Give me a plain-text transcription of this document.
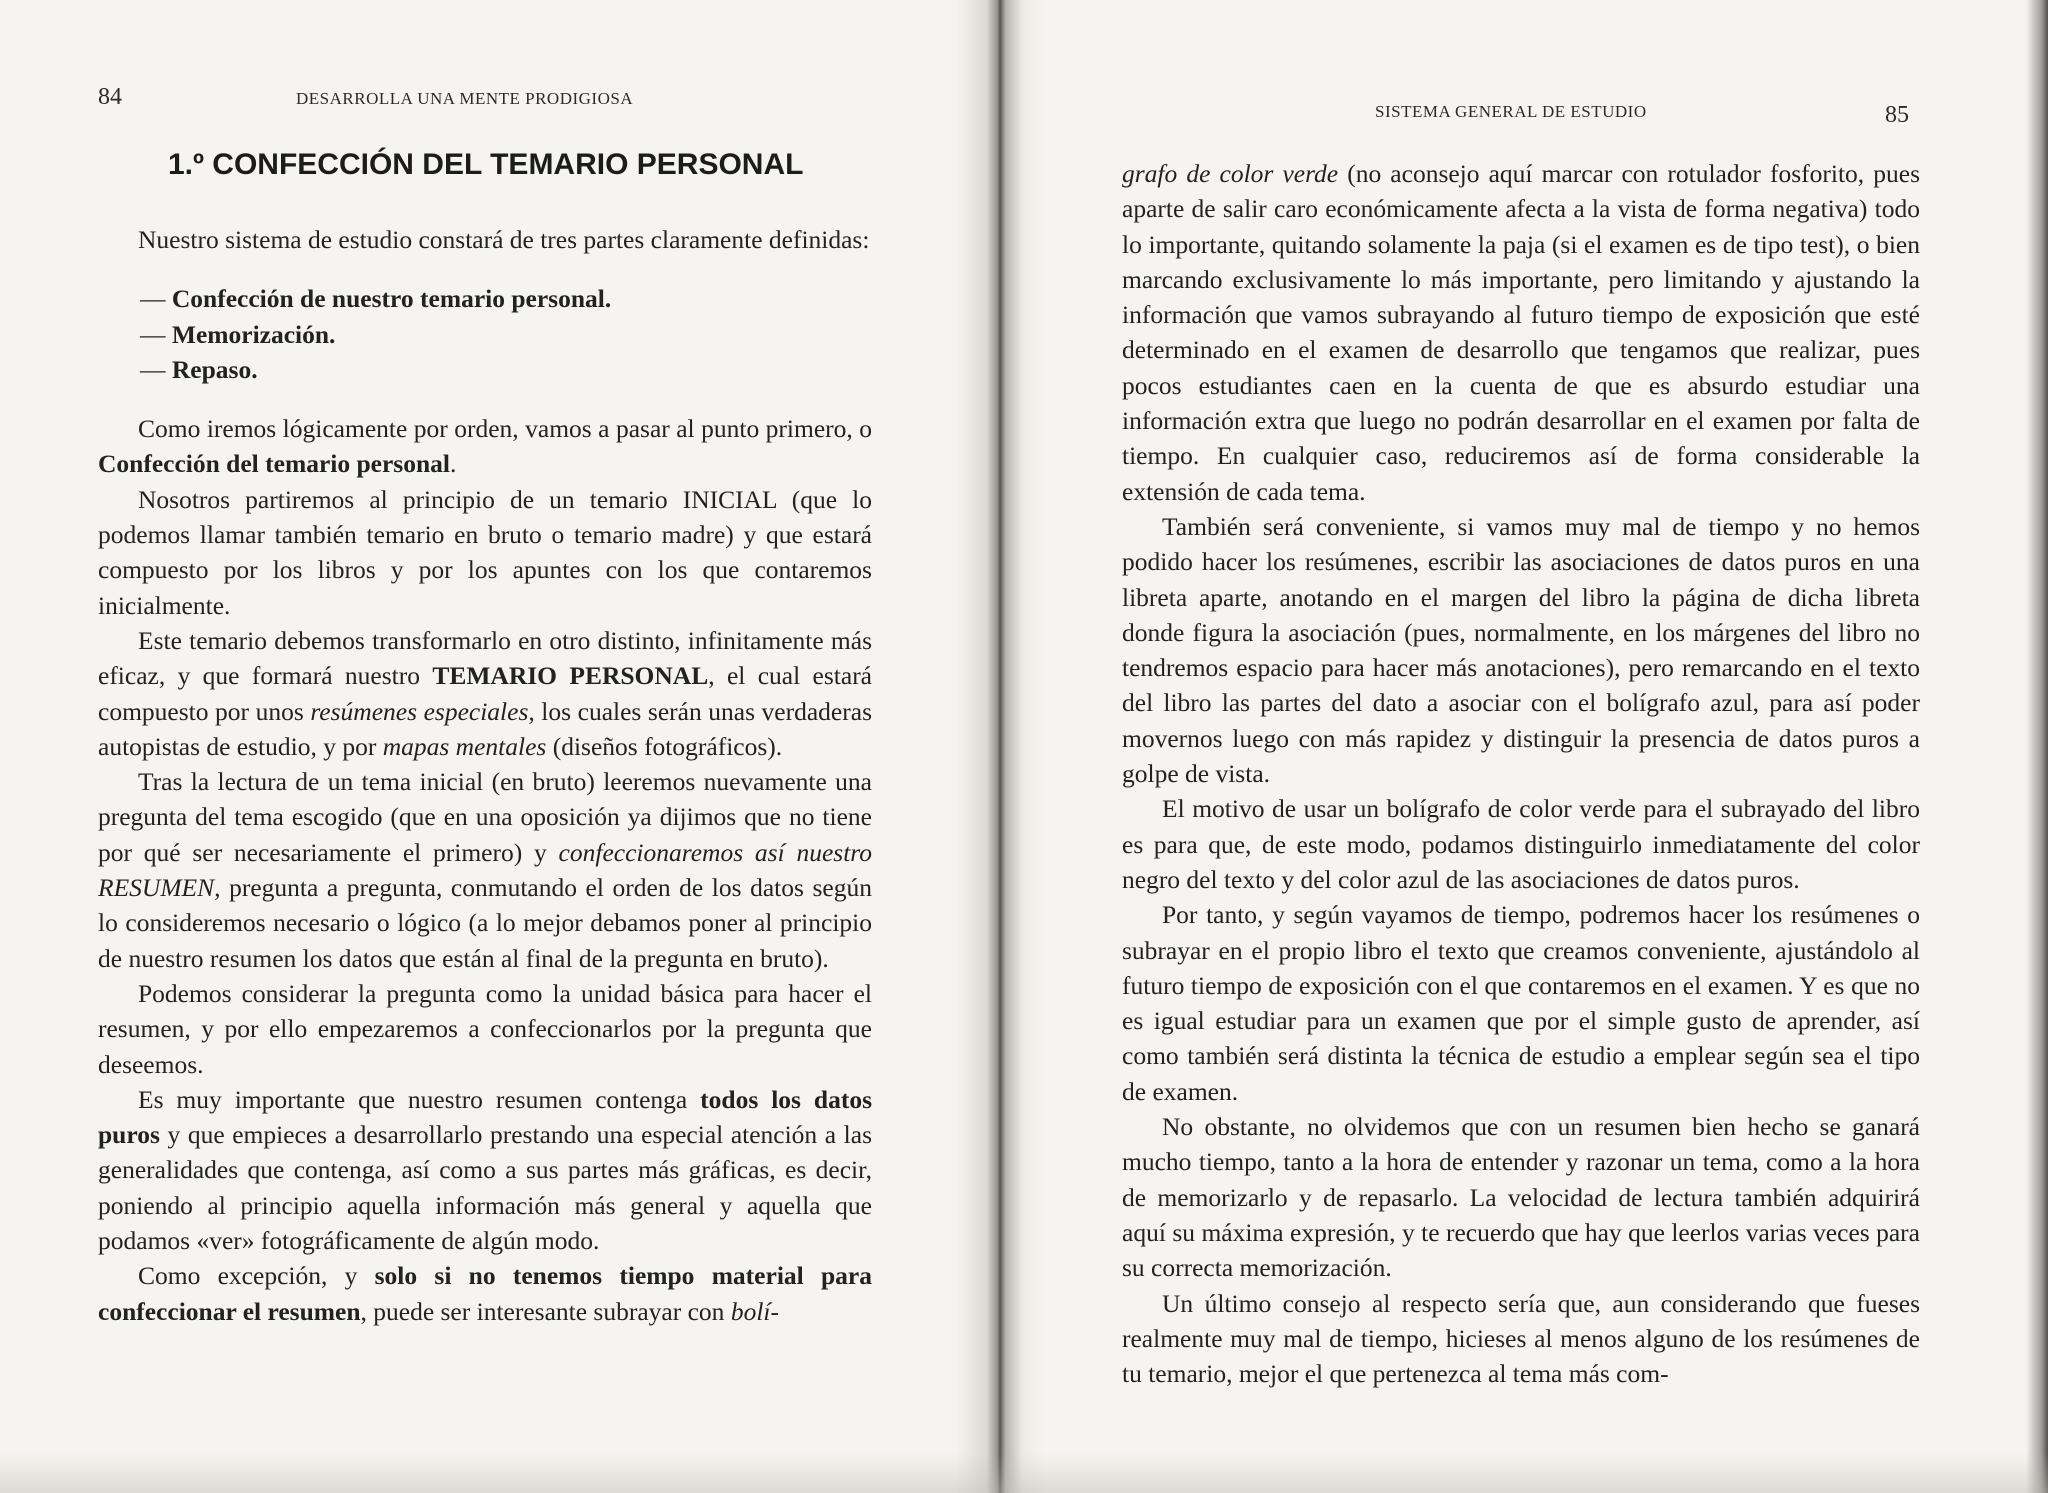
84	DESARROLLA UNA MENTE PRODIGIOSA
1.º CONFECCIÓN DEL TEMARIO PERSONAL

Nuestro sistema de estudio constará de tres partes claramente definidas:

— Confección de nuestro temario personal.
— Memorización.
— Repaso.

Como iremos lógicamente por orden, vamos a pasar al punto primero, o Confección del temario personal.

Nosotros partiremos al principio de un temario INICIAL (que lo podemos llamar también temario en bruto o temario madre) y que estará compuesto por los libros y por los apuntes con los que contaremos inicialmente.

Este temario debemos transformarlo en otro distinto, infinitamente más eficaz, y que formará nuestro TEMARIO PERSONAL, el cual estará compuesto por unos resúmenes especiales, los cuales serán unas verdaderas autopistas de estudio, y por mapas mentales (diseños fotográficos).

Tras la lectura de un tema inicial (en bruto) leeremos nuevamente una pregunta del tema escogido (que en una oposición ya dijimos que no tiene por qué ser necesariamente el primero) y confeccionaremos así nuestro RESUMEN, pregunta a pregunta, conmutando el orden de los datos según lo consideremos necesario o lógico (a lo mejor debamos poner al principio de nuestro resumen los datos que están al final de la pregunta en bruto).

Podemos considerar la pregunta como la unidad básica para hacer el resumen, y por ello empezaremos a confeccionarlos por la pregunta que deseemos.

Es muy importante que nuestro resumen contenga todos los datos puros y que empieces a desarrollarlo prestando una especial atención a las generalidades que contenga, así como a sus partes más gráficas, es decir, poniendo al principio aquella información más general y aquella que podamos «ver» fotográficamente de algún modo.

Como excepción, y solo si no tenemos tiempo material para confeccionar el resumen, puede ser interesante subrayar con bolí-

SISTEMA GENERAL DE ESTUDIO	85

grafo de color verde (no aconsejo aquí marcar con rotulador fosforito, pues aparte de salir caro económicamente afecta a la vista de forma negativa) todo lo importante, quitando solamente la paja (si el examen es de tipo test), o bien marcando exclusivamente lo más importante, pero limitando y ajustando la información que vamos subrayando al futuro tiempo de exposición que esté determinado en el examen de desarrollo que tengamos que realizar, pues pocos estudiantes caen en la cuenta de que es absurdo estudiar una información extra que luego no podrán desarrollar en el examen por falta de tiempo. En cualquier caso, reduciremos así de forma considerable la extensión de cada tema.

También será conveniente, si vamos muy mal de tiempo y no hemos podido hacer los resúmenes, escribir las asociaciones de datos puros en una libreta aparte, anotando en el margen del libro la página de dicha libreta donde figura la asociación (pues, normalmente, en los márgenes del libro no tendremos espacio para hacer más anotaciones), pero remarcando en el texto del libro las partes del dato a asociar con el bolígrafo azul, para así poder movernos luego con más rapidez y distinguir la presencia de datos puros a golpe de vista.

El motivo de usar un bolígrafo de color verde para el subrayado del libro es para que, de este modo, podamos distinguirlo inmediatamente del color negro del texto y del color azul de las asociaciones de datos puros.

Por tanto, y según vayamos de tiempo, podremos hacer los resúmenes o subrayar en el propio libro el texto que creamos conveniente, ajustándolo al futuro tiempo de exposición con el que contaremos en el examen. Y es que no es igual estudiar para un examen que por el simple gusto de aprender, así como también será distinta la técnica de estudio a emplear según sea el tipo de examen.

No obstante, no olvidemos que con un resumen bien hecho se ganará mucho tiempo, tanto a la hora de entender y razonar un tema, como a la hora de memorizarlo y de repasarlo. La velocidad de lectura también adquirirá aquí su máxima expresión, y te recuerdo que hay que leerlos varias veces para su correcta memorización.

Un último consejo al respecto sería que, aun considerando que fueses realmente muy mal de tiempo, hicieses al menos alguno de los resúmenes de tu temario, mejor el que pertenezca al tema más com-
